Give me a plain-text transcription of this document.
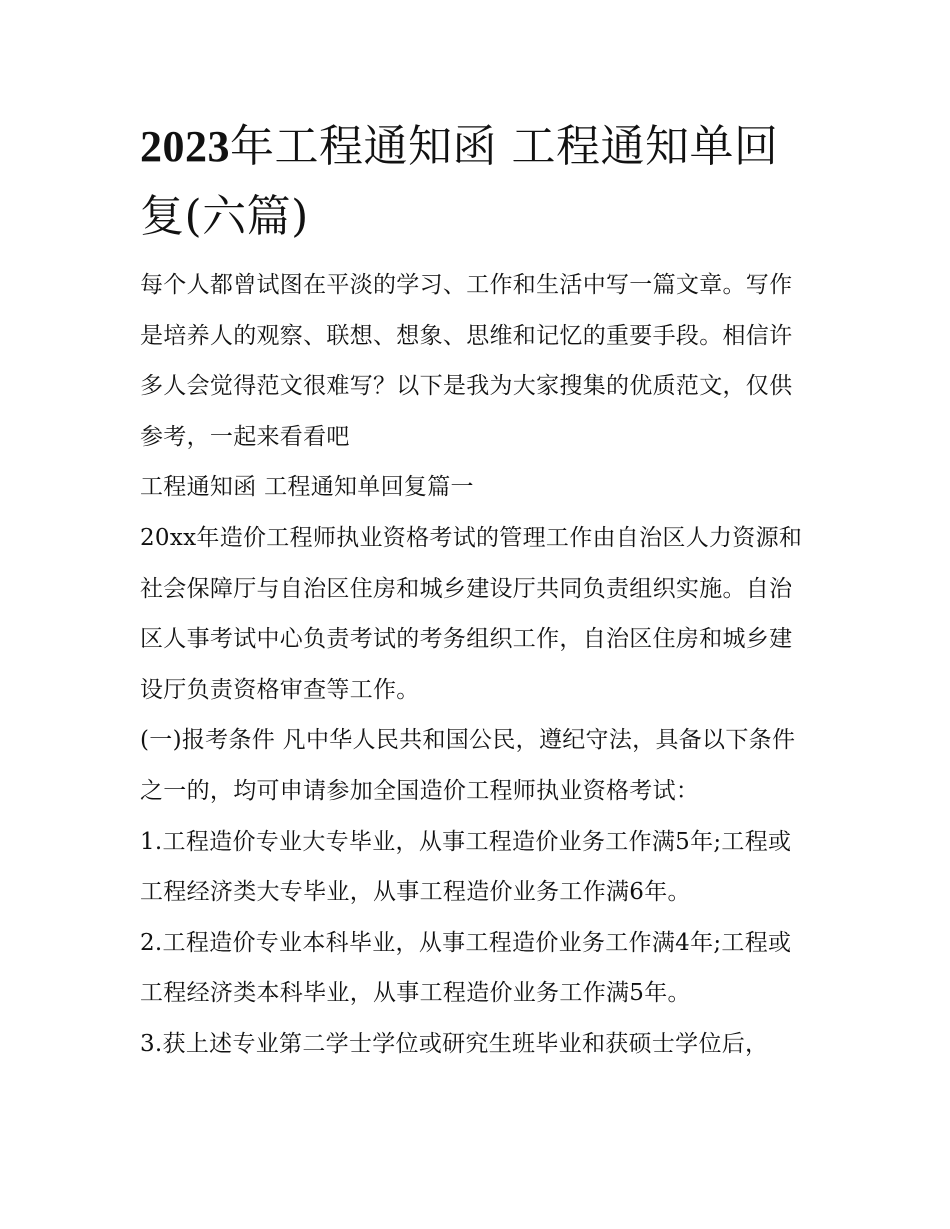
2023年工程通知函 工程通知单回复(六篇)

每个人都曾试图在平淡的学习、工作和生活中写一篇文章。写作是培养人的观察、联想、想象、思维和记忆的重要手段。相信许多人会觉得范文很难写？以下是我为大家搜集的优质范文，仅供参考，一起来看看吧

工程通知函 工程通知单回复篇一

20xx年造价工程师执业资格考试的管理工作由自治区人力资源和社会保障厅与自治区住房和城乡建设厅共同负责组织实施。自治区人事考试中心负责考试的考务组织工作，自治区住房和城乡建设厅负责资格审查等工作。

(一)报考条件 凡中华人民共和国公民，遵纪守法，具备以下条件之一的，均可申请参加全国造价工程师执业资格考试：

1.工程造价专业大专毕业，从事工程造价业务工作满5年;工程或工程经济类大专毕业，从事工程造价业务工作满6年。

2.工程造价专业本科毕业，从事工程造价业务工作满4年;工程或工程经济类本科毕业，从事工程造价业务工作满5年。

3.获上述专业第二学士学位或研究生班毕业和获硕士学位后，
